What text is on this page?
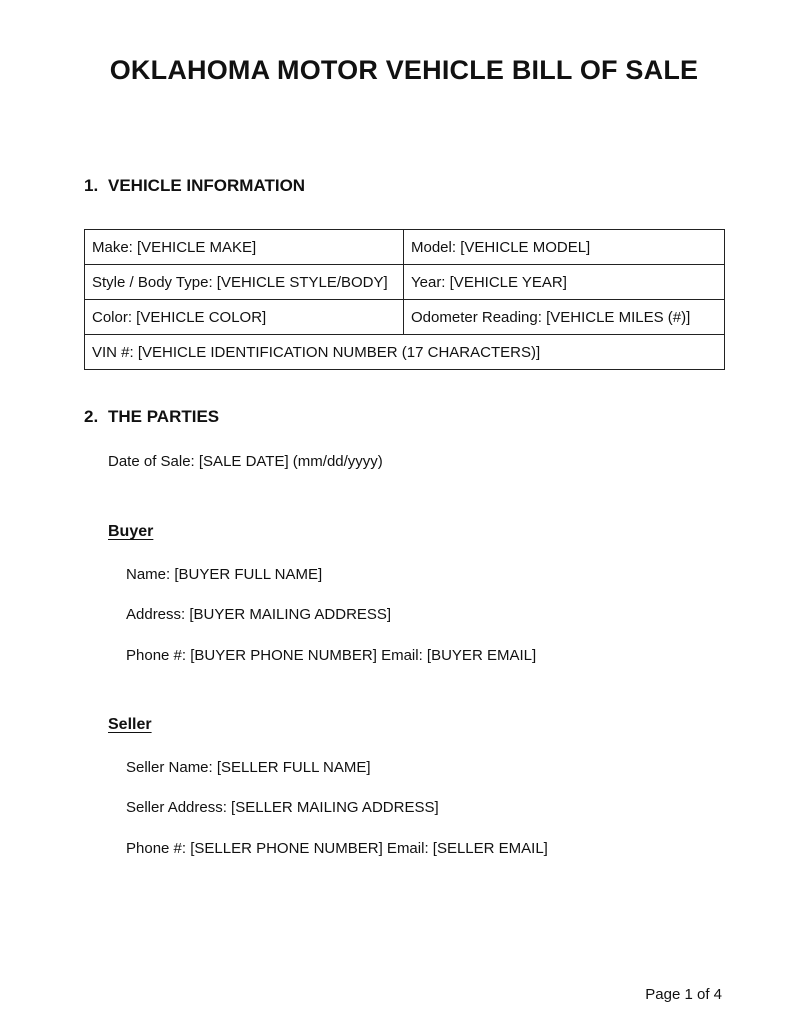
OKLAHOMA MOTOR VEHICLE BILL OF SALE
1. VEHICLE INFORMATION
Make: [VEHICLE MAKE]	Model: [VEHICLE MODEL]
Style / Body Type: [VEHICLE STYLE/BODY]	Year: [VEHICLE YEAR]
Color: [VEHICLE COLOR]	Odometer Reading: [VEHICLE MILES (#)]
VIN #: [VEHICLE IDENTIFICATION NUMBER (17 CHARACTERS)]	
2. THE PARTIES

Date of Sale: [SALE DATE] (mm/dd/yyyy)

Buyer

Name: [BUYER FULL NAME]

Address: [BUYER MAILING ADDRESS]

Phone #: [BUYER PHONE NUMBER] Email: [BUYER EMAIL]

Seller

Seller Name: [SELLER FULL NAME]

Seller Address: [SELLER MAILING ADDRESS]

Phone #: [SELLER PHONE NUMBER] Email: [SELLER EMAIL]

Page 1 of 4
